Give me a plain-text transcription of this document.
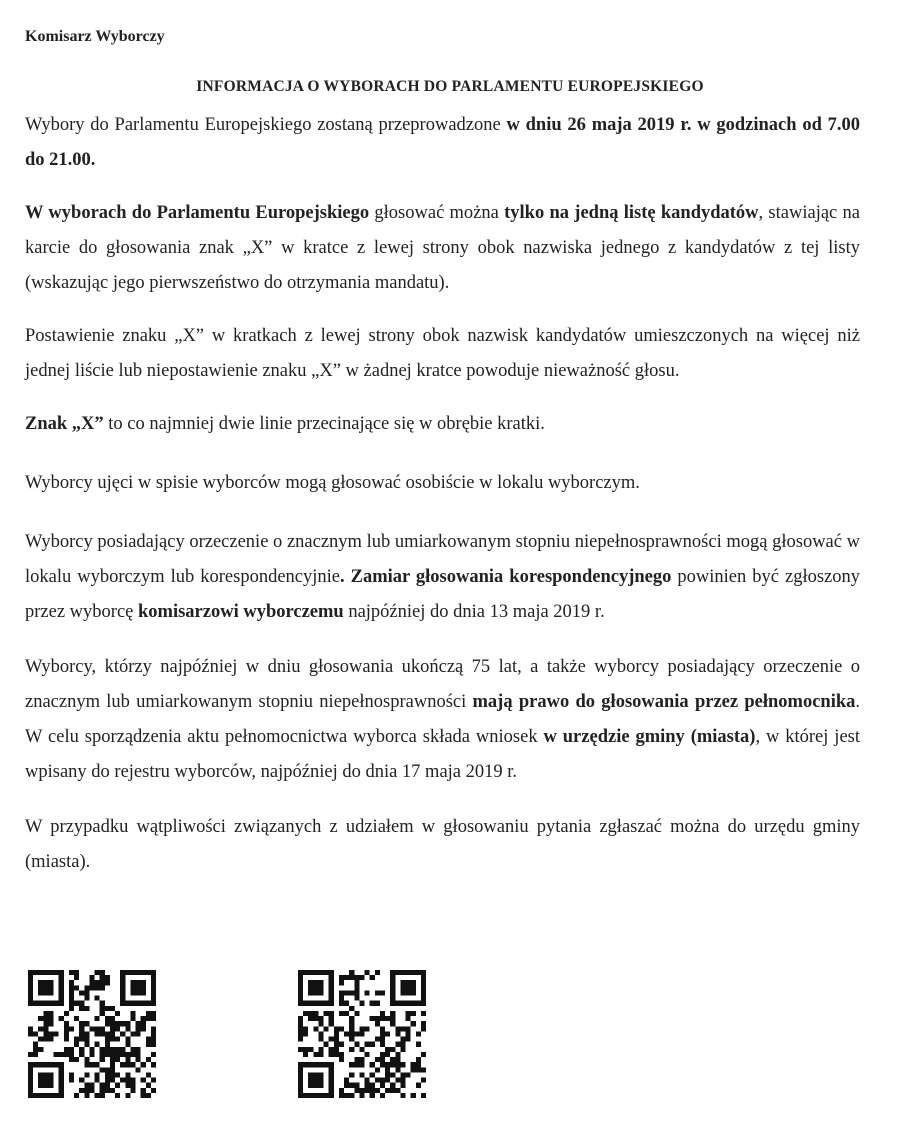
Komisarz Wyborczy
INFORMACJA O WYBORACH DO PARLAMENTU EUROPEJSKIEGO

Wybory do Parlamentu Europejskiego zostaną przeprowadzone w dniu 26 maja 2019 r. w godzinach od 7.00 do 21.00.

W wyborach do Parlamentu Europejskiego głosować można tylko na jedną listę kandydatów, stawiając na karcie do głosowania znak „X” w kratce z lewej strony obok nazwiska jednego z kandydatów z tej listy (wskazując jego pierwszeństwo do otrzymania mandatu).

Postawienie znaku „X” w kratkach z lewej strony obok nazwisk kandydatów umieszczonych na więcej niż jednej liście lub niepostawienie znaku „X” w żadnej kratce powoduje nieważność głosu.

Znak „X” to co najmniej dwie linie przecinające się w obrębie kratki.

Wyborcy ujęci w spisie wyborców mogą głosować osobiście w lokalu wyborczym.

Wyborcy posiadający orzeczenie o znacznym lub umiarkowanym stopniu niepełnosprawności mogą głosować w lokalu wyborczym lub korespondencyjnie. Zamiar głosowania korespondencyjnego powinien być zgłoszony przez wyborcę komisarzowi wyborczemu najpóźniej do dnia 13 maja 2019 r.

Wyborcy, którzy najpóźniej w dniu głosowania ukończą 75 lat, a także wyborcy posiadający orzeczenie o znacznym lub umiarkowanym stopniu niepełnosprawności mają prawo do głosowania przez pełnomocnika. W celu sporządzenia aktu pełnomocnictwa wyborca składa wniosek w urzędzie gminy (miasta), w której jest wpisany do rejestru wyborców, najpóźniej do dnia 17 maja 2019 r.

W przypadku wątpliwości związanych z udziałem w głosowaniu pytania zgłaszać można do urzędu gminy (miasta).
